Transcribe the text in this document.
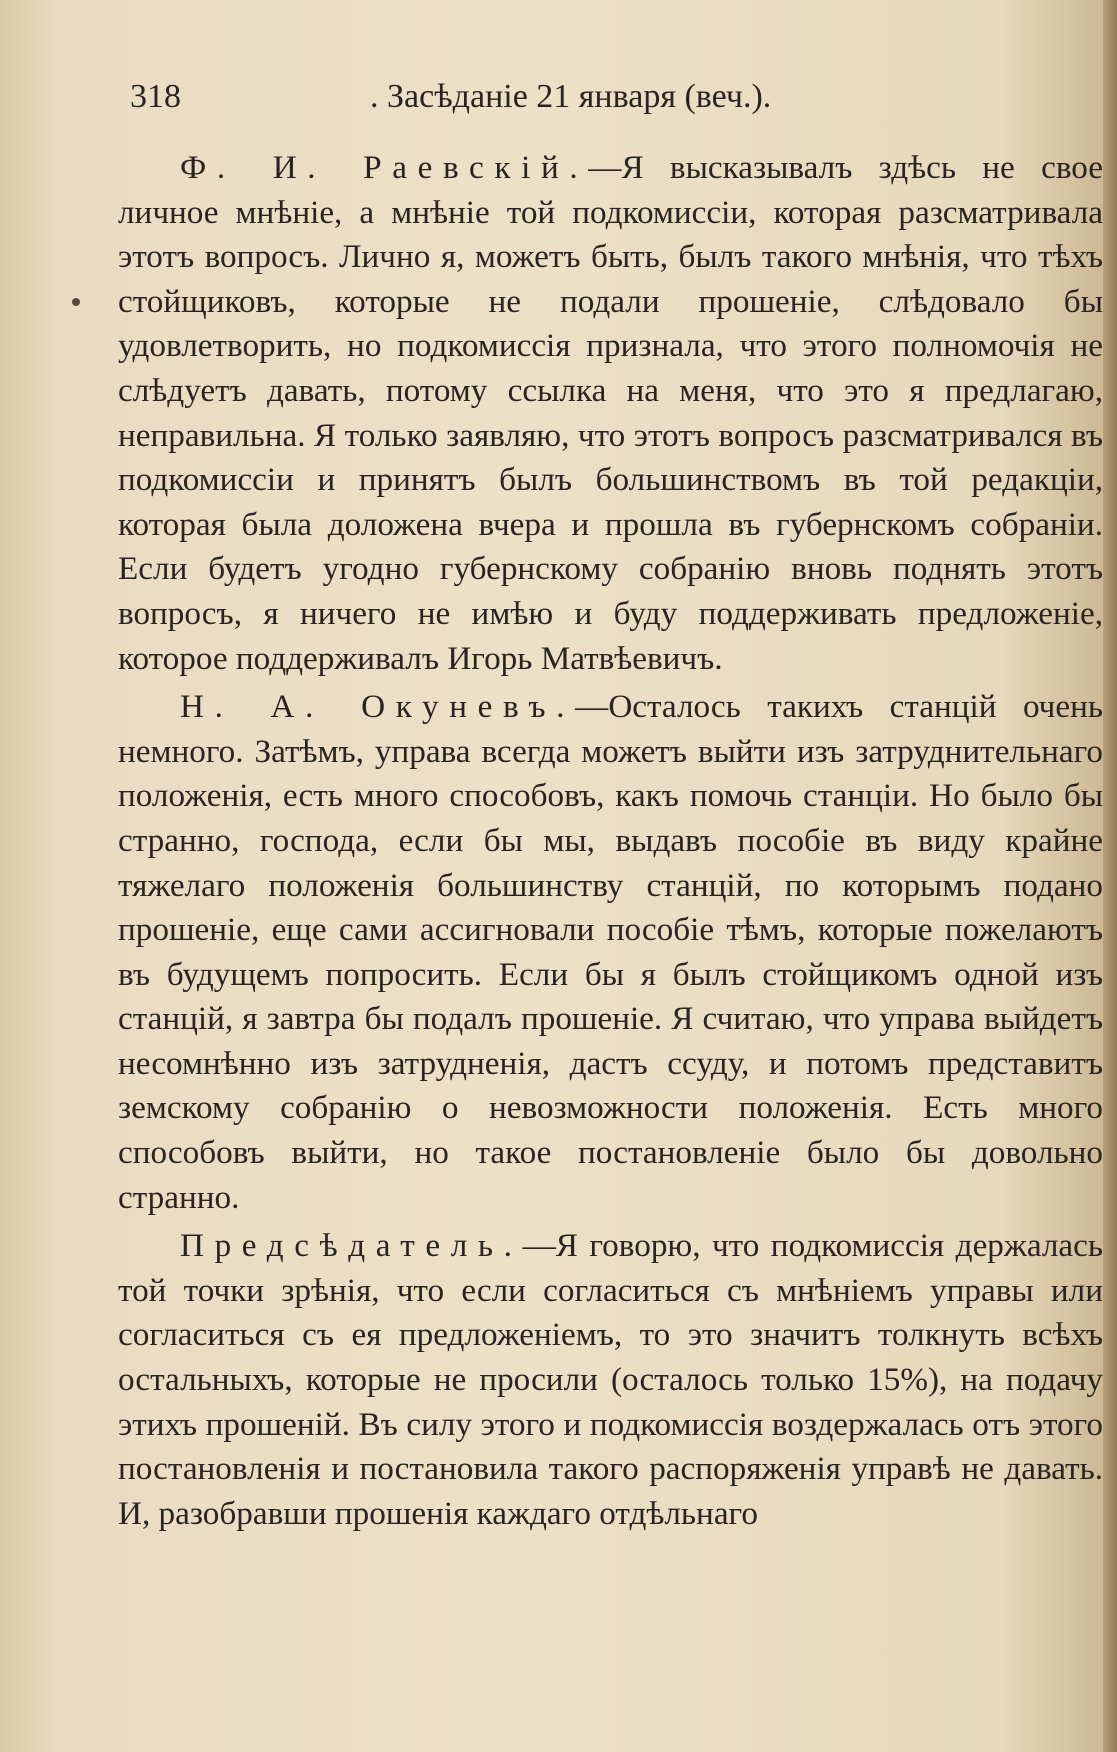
318	. Засѣданіе 21 января (веч.).

Ф. И. Раевскій.—Я высказывалъ здѣсь не свое личное мнѣніе, а мнѣніе той подкомиссіи, которая разсматривала этотъ вопросъ. Лично я, можетъ быть, былъ такого мнѣнія, что тѣхъ стойщиковъ, которые не подали прошеніе, слѣдовало бы удовлетворить, но подкомиссія признала, что этого полномочія не слѣдуетъ давать, потому ссылка на меня, что это я предлагаю, неправильна. Я только заявляю, что этотъ вопросъ разсматривался въ подкомиссіи и принятъ былъ большинствомъ въ той редакціи, которая была доложена вчера и прошла въ губернскомъ собраніи. Если будетъ угодно губернскому собранію вновь поднять этотъ вопросъ, я ничего не имѣю и буду поддерживать предложеніе, которое поддерживалъ Игорь Матвѣевичъ.

Н. А. Окуневъ.—Осталось такихъ станцій очень немного. Затѣмъ, управа всегда можетъ выйти изъ затруднительнаго положенія, есть много способовъ, какъ помочь станціи. Но было бы странно, господа, если бы мы, выдавъ пособіе въ виду крайне тяжелаго положенія большинству станцій, по которымъ подано прошеніе, еще сами ассигновали пособіе тѣмъ, которые пожелаютъ въ будущемъ попросить. Если бы я былъ стойщикомъ одной изъ станцій, я завтра бы подалъ прошеніе. Я считаю, что управа выйдетъ несомнѣнно изъ затрудненія, дастъ ссуду, и потомъ представитъ земскому собранію о невозможности положенія. Есть много способовъ выйти, но такое постановленіе было бы довольно странно.

Предсѣдатель.—Я говорю, что подкомиссія держалась той точки зрѣнія, что если согласиться съ мнѣніемъ управы или согласиться съ ея предложеніемъ, то это значитъ толкнуть всѣхъ остальныхъ, которые не просили (осталось только 15%), на подачу этихъ прошеній. Въ силу этого и подкомиссія воздержалась отъ этого постановленія и постановила такого распоряженія управѣ не давать. И, разобравши прошенія каждаго отдѣльнаго
